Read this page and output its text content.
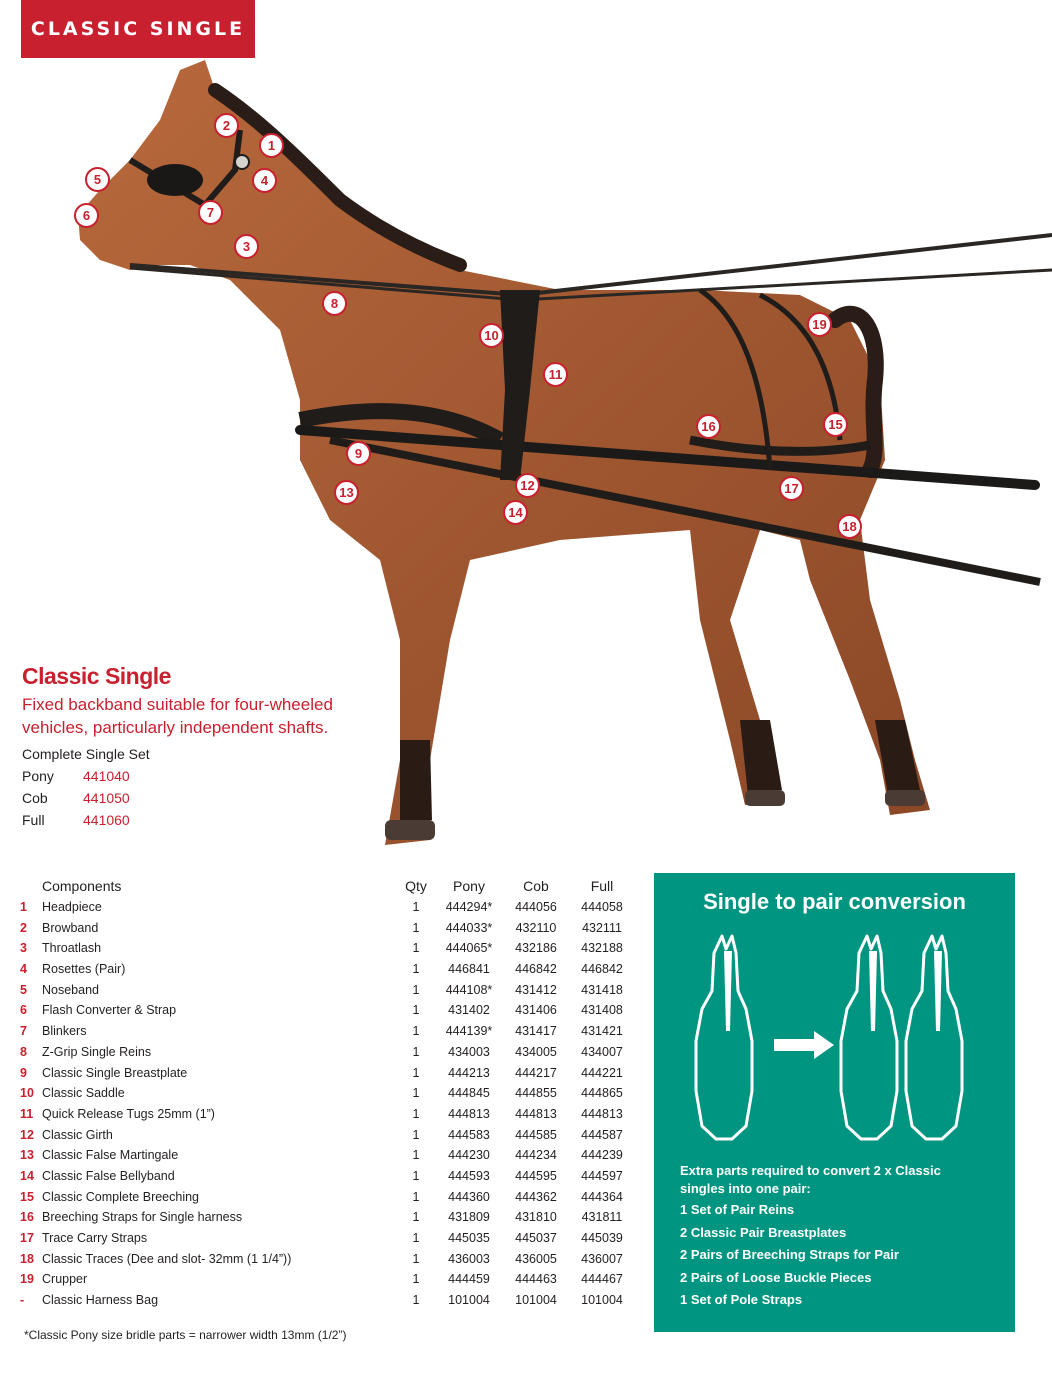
CLASSIC SINGLE
1
2
3
4
5
6	7
8
9
10
11
12
13
14
15
16
17
18
19
Classic Single
Fixed backband suitable for four-wheeled vehicles, particularly independent shafts.
Complete Single Set
Pony 441040
Cob	441050
Full	441060
Components	Qty	Pony	Cob	Full
1	Headpiece	1	444294*	444056	444058
2	Browband	1	444033*	432110	432111
3	Throatlash	1	444065*	432186	432188
4	Rosettes (Pair)	1	446841	446842	446842
5	Noseband	1	444108*	431412	431418
6	Flash Converter & Strap	1	431402	431406	431408
7	Blinkers	1	444139*	431417	431421
8	Z-Grip Single Reins	1	434003	434005	434007
9	Classic Single Breastplate	1	444213	444217	444221
10 Classic Saddle	1	444845	444855	444865
11 Quick Release Tugs 25mm (1”)	1	444813	444813	444813
12 Classic Girth	1	444583	444585	444587
13 Classic False Martingale	1	444230	444234	444239
14 Classic False Bellyband	1	444593	444595	444597
15 Classic Complete Breeching	1	444360	444362	444364
16 Breeching Straps for Single harness	1	431809	431810	431811
17 Trace Carry Straps	1	445035	445037	445039
18 Classic Traces (Dee and slot- 32mm (1 1/4”))	1	436003	436005	436007
19 Crupper	1	444459	444463	444467
-	Classic Harness Bag	1	101004	101004	101004
*Classic Pony size bridle parts = narrower width 13mm (1/2”)
Single to pair conversion
Extra parts required to convert 2 x Classic singles into one pair:
1 Set of Pair Reins
2 Classic Pair Breastplates
2 Pairs of Breeching Straps for Pair
2 Pairs of Loose Buckle Pieces
1 Set of Pole Straps
